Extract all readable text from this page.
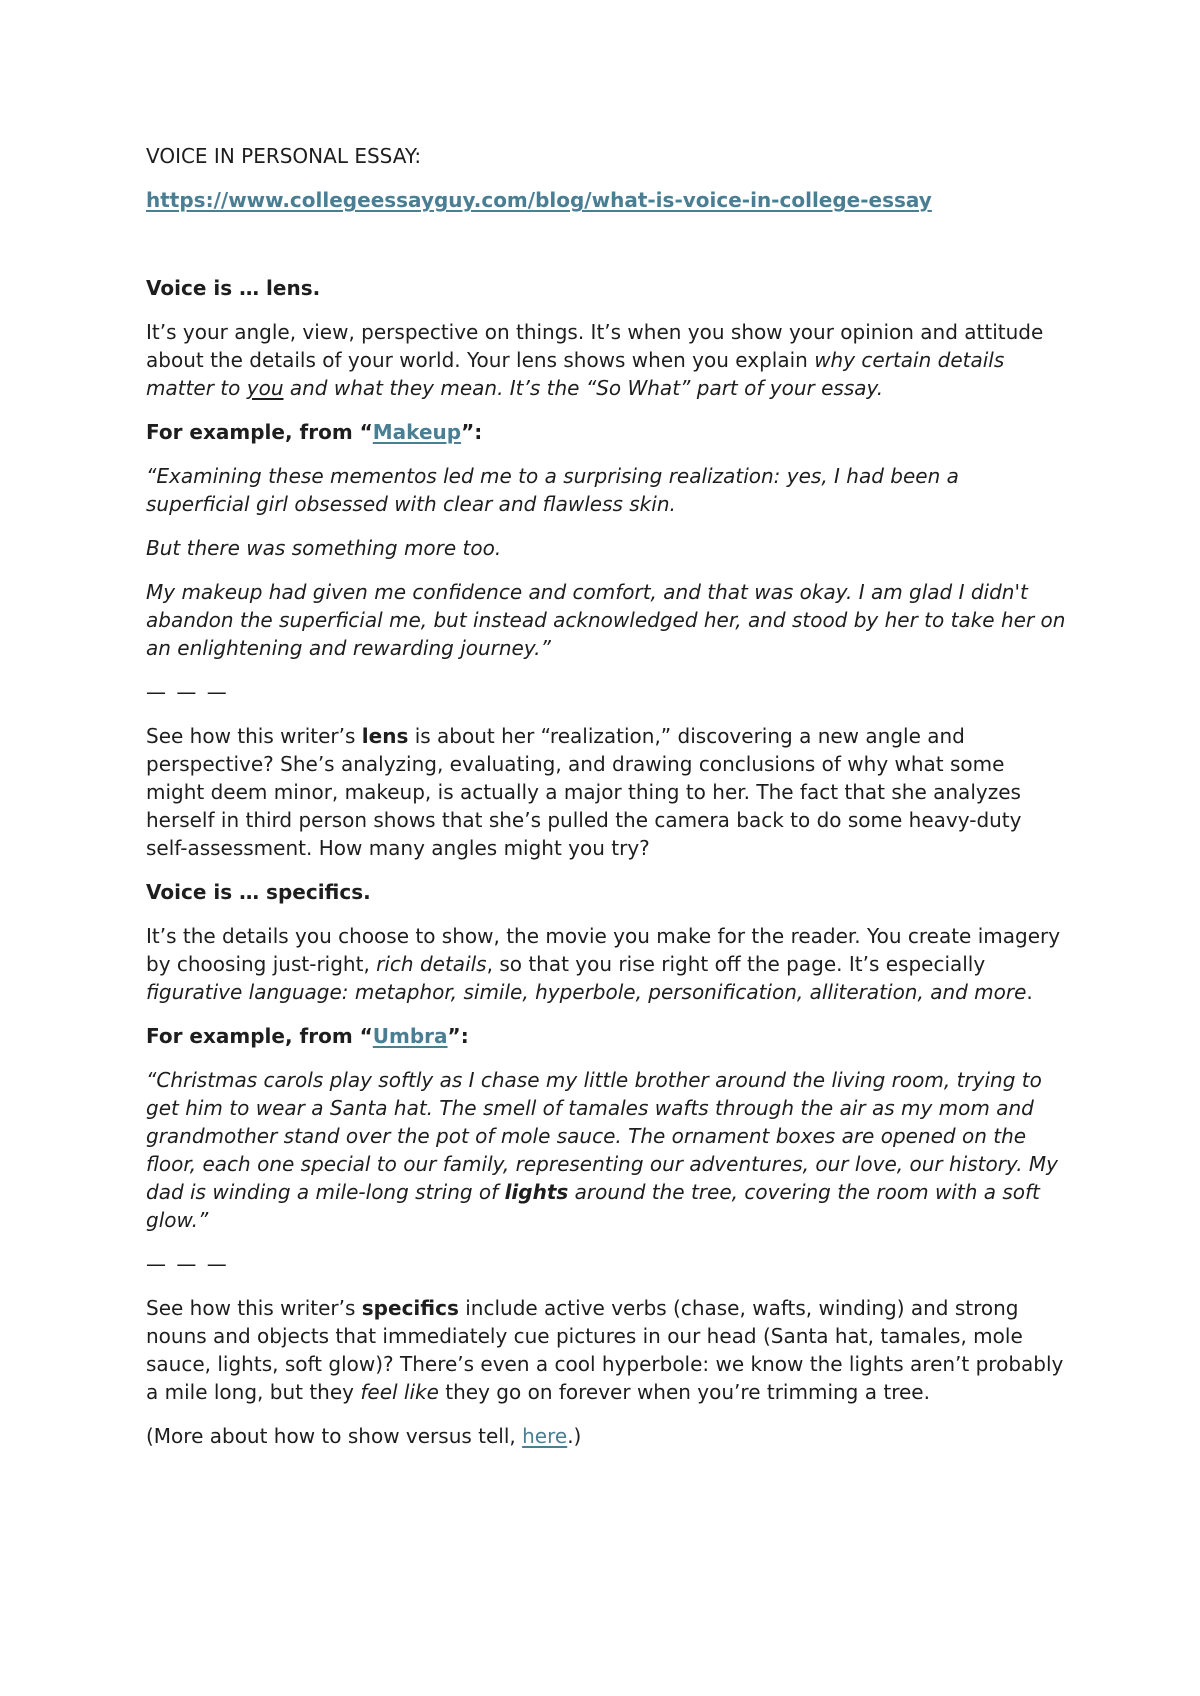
VOICE IN PERSONAL ESSAY:

https://www.collegeessayguy.com/blog/what-is-voice-in-college-essay

Voice is … lens.

It’s your angle, view, perspective on things. It’s when you show your opinion and attitude about the details of your world. Your lens shows when you explain why certain details matter to you and what they mean. It’s the “So What” part of your essay.

For example, from “Makeup”:

“Examining these mementos led me to a surprising realization: yes, I had been a superficial girl obsessed with clear and flawless skin.

But there was something more too.

My makeup had given me confidence and comfort, and that was okay. I am glad I didn't abandon the superficial me, but instead acknowledged her, and stood by her to take her on an enlightening and rewarding journey.”

— — —

See how this writer’s lens is about her “realization,” discovering a new angle and perspective? She’s analyzing, evaluating, and drawing conclusions of why what some might deem minor, makeup, is actually a major thing to her. The fact that she analyzes herself in third person shows that she’s pulled the camera back to do some heavy-duty self-assessment. How many angles might you try?

Voice is … specifics.

It’s the details you choose to show, the movie you make for the reader. You create imagery by choosing just-right, rich details, so that you rise right off the page. It’s especially figurative language: metaphor, simile, hyperbole, personification, alliteration, and more.

For example, from “Umbra”:

“Christmas carols play softly as I chase my little brother around the living room, trying to get him to wear a Santa hat. The smell of tamales wafts through the air as my mom and grandmother stand over the pot of mole sauce. The ornament boxes are opened on the floor, each one special to our family, representing our adventures, our love, our history. My dad is winding a mile-long string of lights around the tree, covering the room with a soft glow.”

— — —

See how this writer’s specifics include active verbs (chase, wafts, winding) and strong nouns and objects that immediately cue pictures in our head (Santa hat, tamales, mole sauce, lights, soft glow)? There’s even a cool hyperbole: we know the lights aren’t probably a mile long, but they feel like they go on forever when you’re trimming a tree.

(More about how to show versus tell, here.)
